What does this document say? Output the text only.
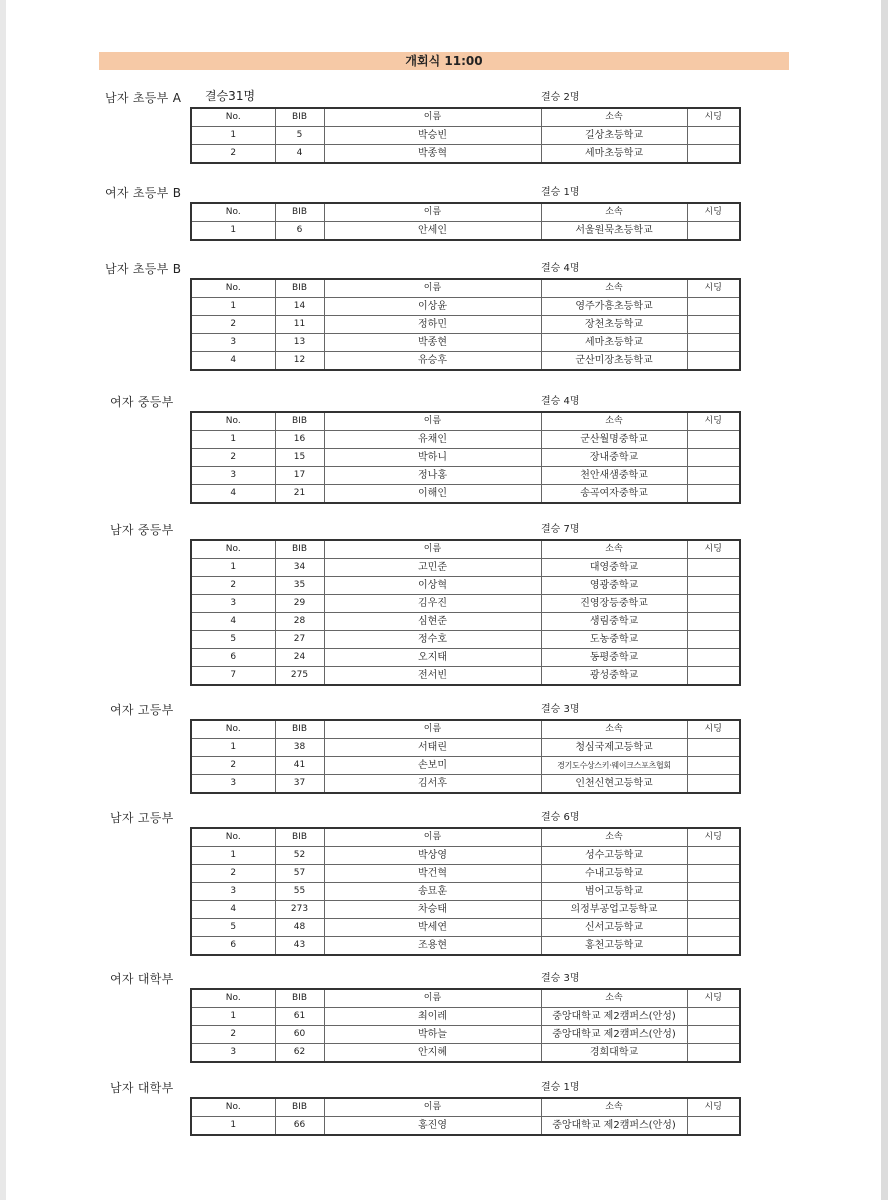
개회식 11:00
남자 초등부 A 결승31명	결승 2명
No.	BIB	이름	소속	시딩
1	5	박승빈	길상초등학교	
2	4	박종혁	세마초등학교	
여자 초등부 B	결승 1명
No.	BIB	이름	소속	시딩
1	6	안세인	서울원묵초등학교	
남자 초등부 B	결승 4명
No.	BIB	이름	소속	시딩
1	14	이상윤	영주가흥초등학교	
2	11	정하민	장천초등학교	
3	13	박종현	세마초등학교	
4	12	유승후	군산미장초등학교	
여자 중등부	결승 4명
No.	BIB	이름	소속	시딩
1	16	유채인	군산월명중학교	
2	15	박하니	장내중학교	
3	17	정나홍	천안새샘중학교	
4	21	이해인	송곡여자중학교	
남자 중등부	결승 7명
No.	BIB	이름	소속	시딩
1	34	고민준	대영중학교	
2	35	이상혁	영광중학교	
3	29	김우진	진영장등중학교	
4	28	심현준	생림중학교	
5	27	정수호	도농중학교	
6	24	오지태	동평중학교	
7	275	전서빈	광성중학교	
여자 고등부	결승 3명
No.	BIB	이름	소속	시딩
1	38	서태린	청심국제고등학교	
2	41	손보미	경기도수상스키·웨이크스포츠협회	
3	37	김서후	인천신현고등학교	
남자 고등부	결승 6명
No.	BIB	이름	소속	시딩
1	52	박상영	성수고등학교	
2	57	박건혁	수내고등학교	
3	55	송묘훈	범어고등학교	
4	273	차승태	의정부공업고등학교	
5	48	박세연	신서고등학교	
6	43	조용현	홍천고등학교	
여자 대학부	결승 3명
No.	BIB	이름	소속	시딩
1	61	최이레	중앙대학교 제2캠퍼스(안성)	
2	60	박하늘	중앙대학교 제2캠퍼스(안성)	
3	62	안지혜	경희대학교	
남자 대학부	결승 1명
No.	BIB	이름	소속	시딩
1	66	홍진영	중앙대학교 제2캠퍼스(안성)	
